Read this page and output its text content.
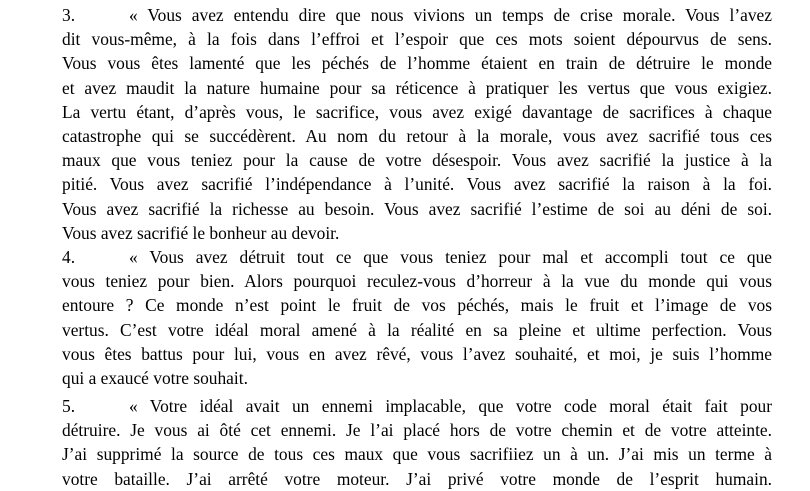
3.	« Vous avez entendu dire que nous vivions un temps de crise morale. Vous l’avez
dit vous-même, à la fois dans l’effroi et l’espoir que ces mots soient dépourvus de sens.
Vous vous êtes lamenté que les péchés de l’homme étaient en train de détruire le monde
et avez maudit la nature humaine pour sa réticence à pratiquer les vertus que vous exigiez.
La vertu étant, d’après vous, le sacrifice, vous avez exigé davantage de sacrifices à chaque
catastrophe qui se succédèrent. Au nom du retour à la morale, vous avez sacrifié tous ces
maux que vous teniez pour la cause de votre désespoir. Vous avez sacrifié la justice à la
pitié. Vous avez sacrifié l’indépendance à l’unité. Vous avez sacrifié la raison à la foi.
Vous avez sacrifié la richesse au besoin. Vous avez sacrifié l’estime de soi au déni de soi.
Vous avez sacrifié le bonheur au devoir.
4.	« Vous avez détruit tout ce que vous teniez pour mal et accompli tout ce que
vous teniez pour bien. Alors pourquoi reculez-vous d’horreur à la vue du monde qui vous
entoure ? Ce monde n’est point le fruit de vos péchés, mais le fruit et l’image de vos
vertus. C’est votre idéal moral amené à la réalité en sa pleine et ultime perfection. Vous
vous êtes battus pour lui, vous en avez rêvé, vous l’avez souhaité, et moi, je suis l’homme
qui a exaucé votre souhait.
5.	« Votre idéal avait un ennemi implacable, que votre code moral était fait pour
détruire. Je vous ai ôté cet ennemi. Je l’ai placé hors de votre chemin et de votre atteinte.
J’ai supprimé la source de tous ces maux que vous sacrifiiez un à un. J’ai mis un terme à
votre bataille. J’ai arrêté votre moteur. J’ai privé votre monde de l’esprit humain.
